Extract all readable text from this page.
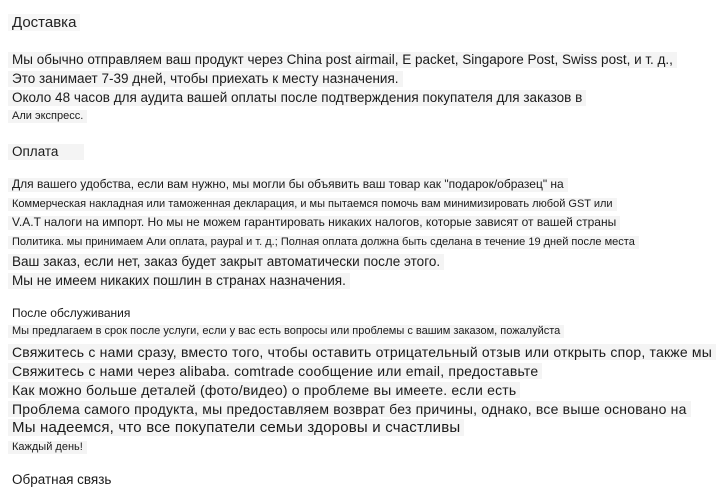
Доставка
Мы обычно отправляем ваш продукт через China post airmail, E packet, Singapore Post, Swiss post, и т. д.,
Это занимает 7-39 дней, чтобы приехать к месту назначения.
Около 48 часов для аудита вашей оплаты после подтверждения покупателя для заказов в
Али экспресс.
Оплата
Для вашего удобства, если вам нужно, мы могли бы объявить ваш товар как "подарок/образец" на
Коммерческая накладная или таможенная декларация, и мы пытаемся помочь вам минимизировать любой GST или
V.A.T налоги на импорт. Но мы не можем гарантировать никаких налогов, которые зависят от вашей страны
Политика. мы принимаем Али оплата, paypal и т. д.; Полная оплата должна быть сделана в течение 19 дней после места
Ваш заказ, если нет, заказ будет закрыт автоматически после этого.
Мы не имеем никаких пошлин в странах назначения.
После обслуживания
Мы предлагаем в срок после услуги, если у вас есть вопросы или проблемы с вашим заказом, пожалуйста
Свяжитесь с нами сразу, вместо того, чтобы оставить отрицательный отзыв или открыть спор, также мы
Свяжитесь с нами через alibaba. comtrade сообщение или email, предоставьте
Как можно больше деталей (фото/видео) о проблеме вы имеете. если есть
Проблема самого продукта, мы предоставляем возврат без причины, однако, все выше основано на
Мы надеемся, что все покупатели семьи здоровы и счастливы
Каждый день!
Обратная связь
